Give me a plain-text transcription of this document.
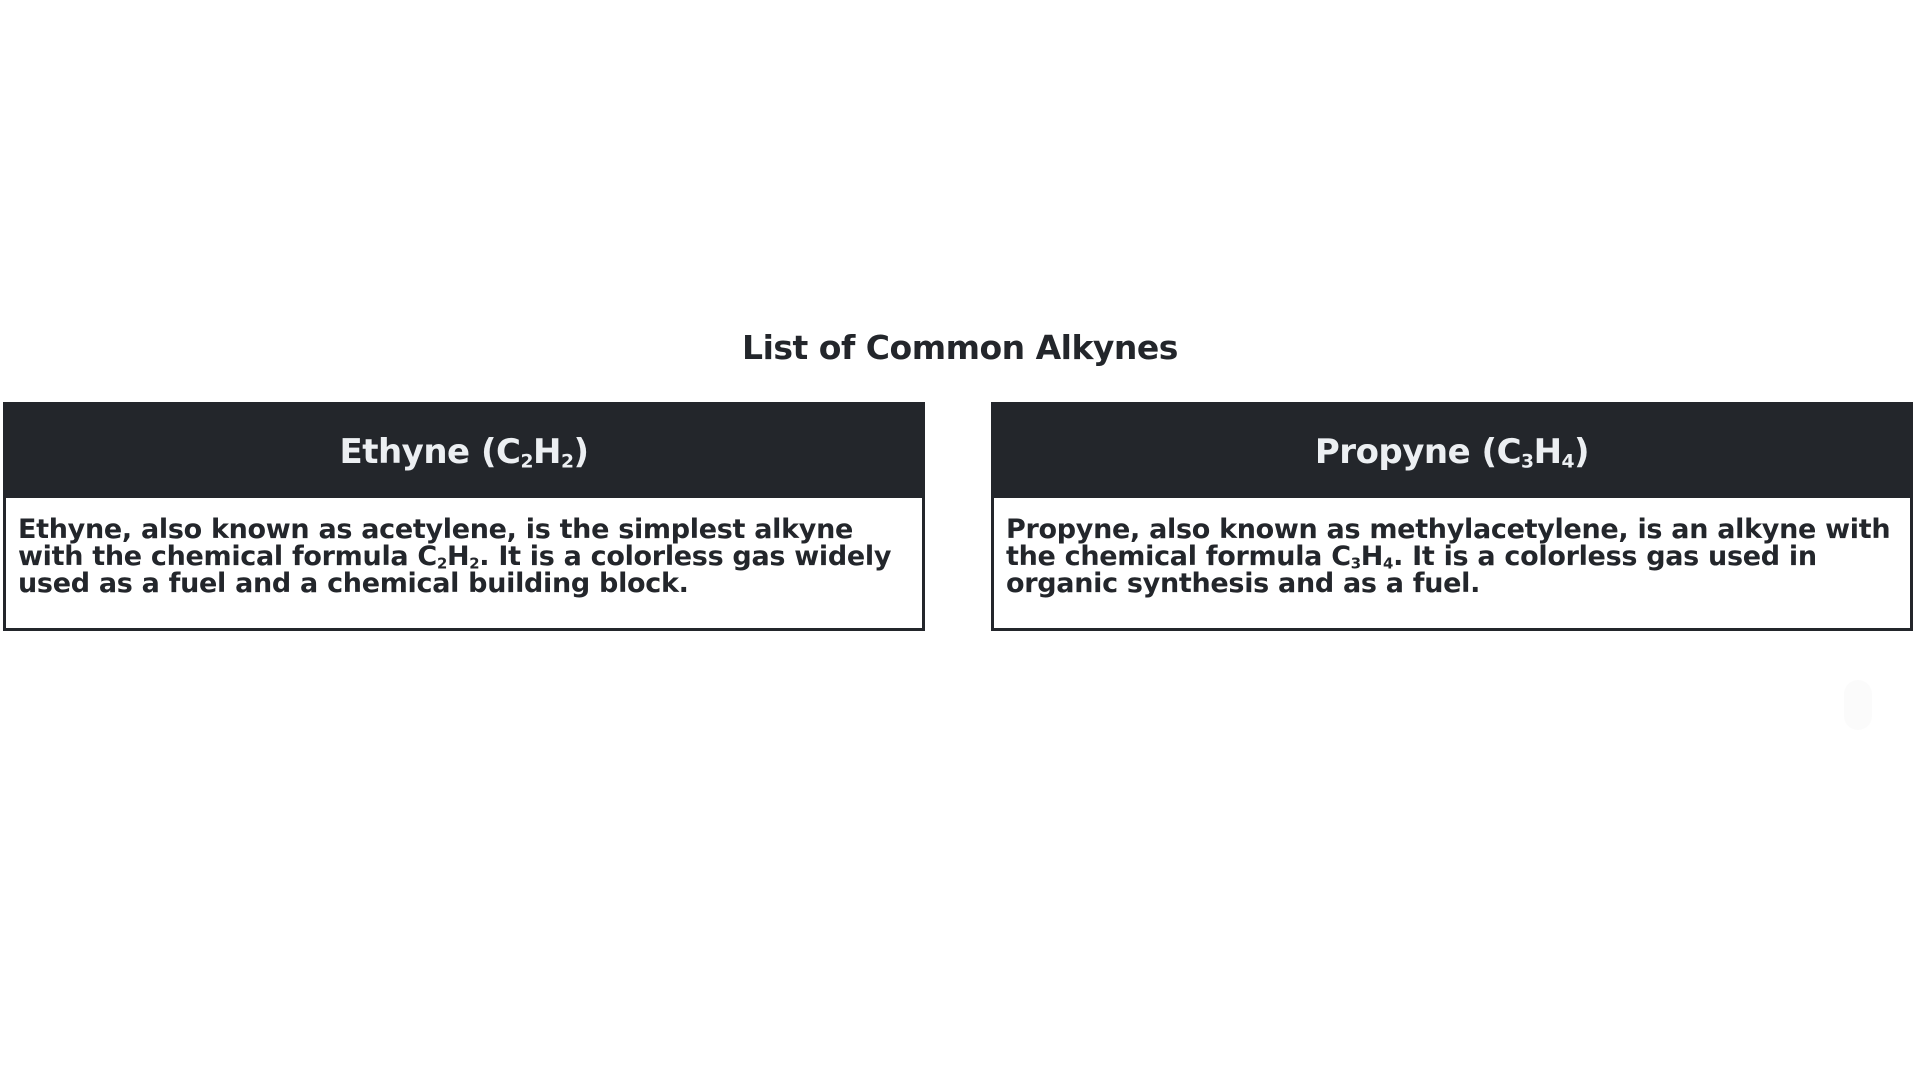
List of Common Alkynes
Ethyne $(C_2H_2)$
Ethyne, also known as acetylene, is the simplest alkyne with the chemical formula $C_2H_2$. It is a colorless gas widely used as a fuel and a chemical building block.
Propyne $(C_3H_4)$
Propyne, also known as methylacetylene, is an alkyne with the chemical formula $C_3H_4$. It is a colorless gas used in organic synthesis and as a fuel.
